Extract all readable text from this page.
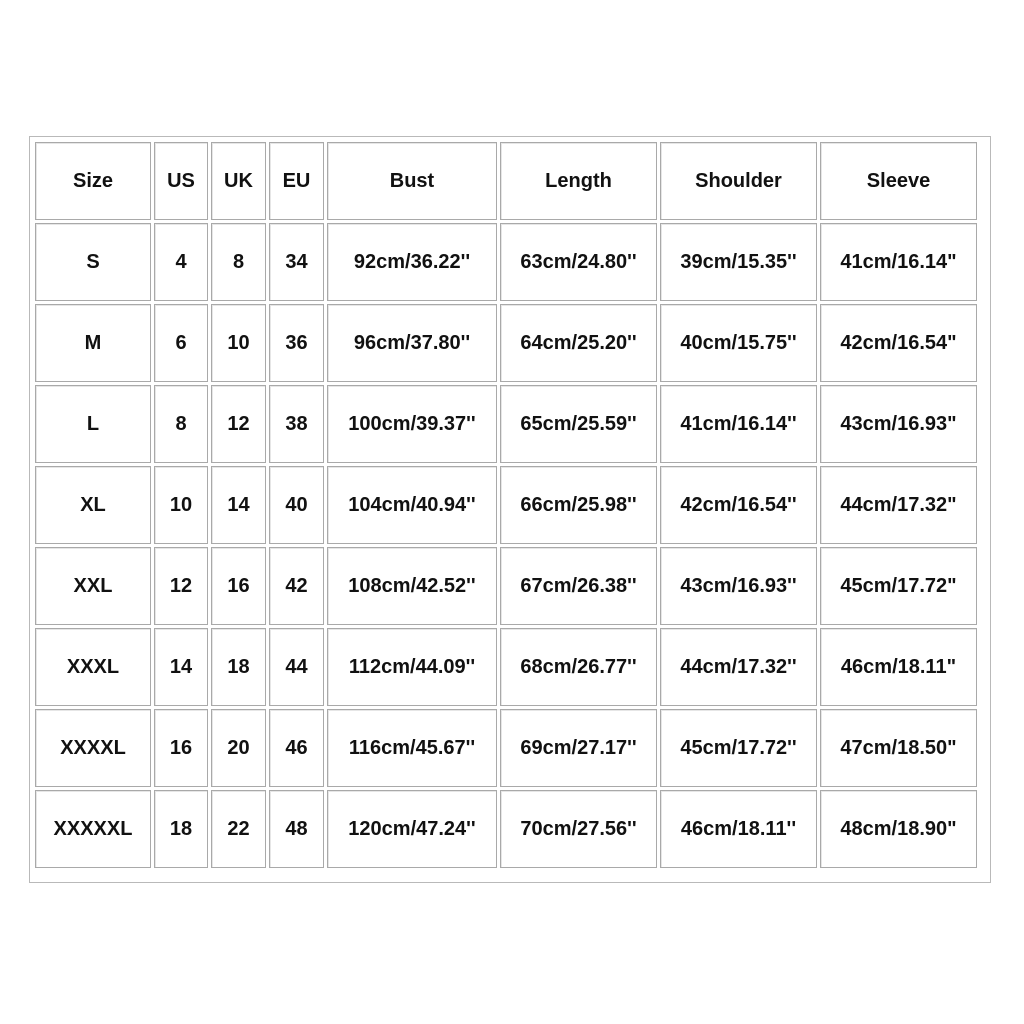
Size	US	UK	EU	Bust	Length	Shoulder	Sleeve
S	4	8	34	92cm/36.22''	63cm/24.80''	39cm/15.35''	41cm/16.14"
M	6	10	36	96cm/37.80''	64cm/25.20''	40cm/15.75''	42cm/16.54"
L	8	12	38	100cm/39.37''	65cm/25.59''	41cm/16.14''	43cm/16.93"
XL	10	14	40	104cm/40.94''	66cm/25.98''	42cm/16.54''	44cm/17.32"
XXL	12	16	42	108cm/42.52''	67cm/26.38''	43cm/16.93''	45cm/17.72"
XXXL	14	18	44	112cm/44.09''	68cm/26.77''	44cm/17.32''	46cm/18.11"
XXXXL	16	20	46	116cm/45.67''	69cm/27.17''	45cm/17.72''	47cm/18.50"
XXXXXL	18	22	48	120cm/47.24''	70cm/27.56''	46cm/18.11''	48cm/18.90"
